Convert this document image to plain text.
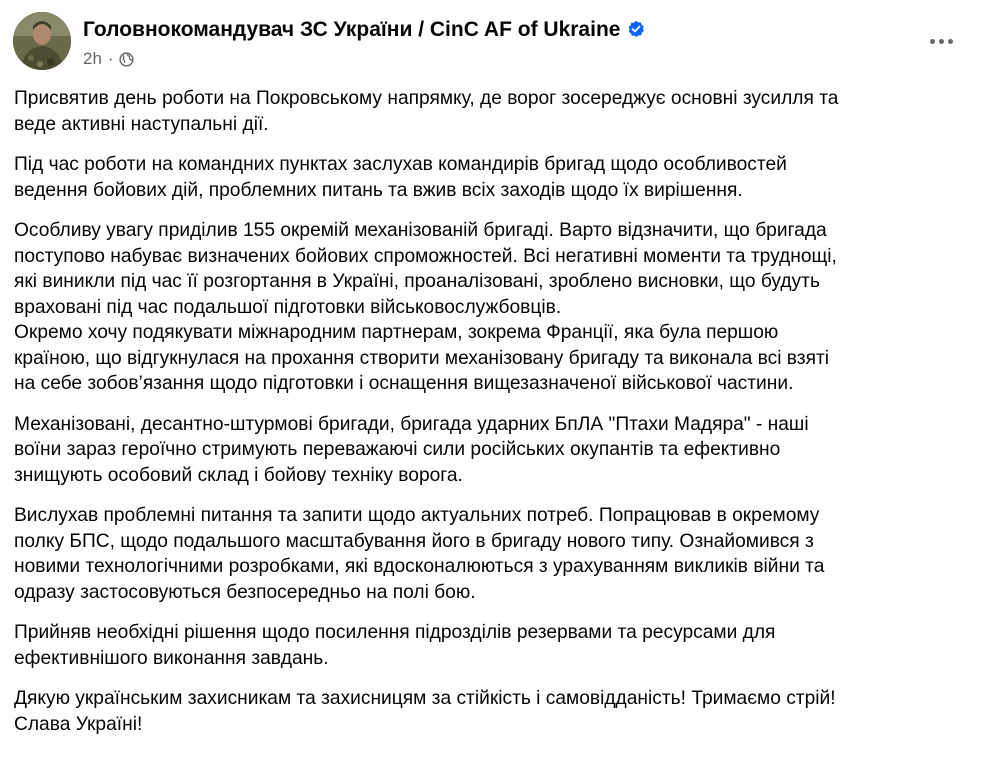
Головнокомандувач ЗС України / CinC AF of Ukraine
2h ·

Присвятив день роботи на Покровському напрямку, де ворог зосереджує основні зусилля та

веде активні наступальні дії.

Під час роботи на командних пунктах заслухав командирів бригад щодо особливостей

ведення бойових дій, проблемних питань та вжив всіх заходів щодо їх вирішення.

Особливу увагу приділив 155 окремій механізованій бригаді. Варто відзначити, що бригада

поступово набуває визначених бойових спроможностей. Всі негативні моменти та труднощі,

які виникли під час її розгортання в Україні, проаналізовані, зроблено висновки, що будуть

враховані під час подальшої підготовки військовослужбовців.

Окремо хочу подякувати міжнародним партнерам, зокрема Франції, яка була першою

країною, що відгукнулася на прохання створити механізовану бригаду та виконала всі взяті

на себе зобов’язання щодо підготовки і оснащення вищезазначеної військової частини.

Механізовані, десантно-штурмові бригади, бригада ударних БпЛА "Птахи Мадяра" - наші

воїни зараз героїчно стримують переважаючі сили російських окупантів та ефективно

знищують особовий склад і бойову техніку ворога.

Вислухав проблемні питання та запити щодо актуальних потреб. Попрацював в окремому

полку БПС, щодо подальшого масштабування його в бригаду нового типу. Ознайомився з

новими технологічними розробками, які вдосконалюються з урахуванням викликів війни та

одразу застосовуються безпосередньо на полі бою.

Прийняв необхідні рішення щодо посилення підрозділів резервами та ресурсами для

ефективнішого виконання завдань.

Дякую українським захисникам та захисницям за стійкість і самовідданість! Тримаємо стрій!

Слава Україні!
